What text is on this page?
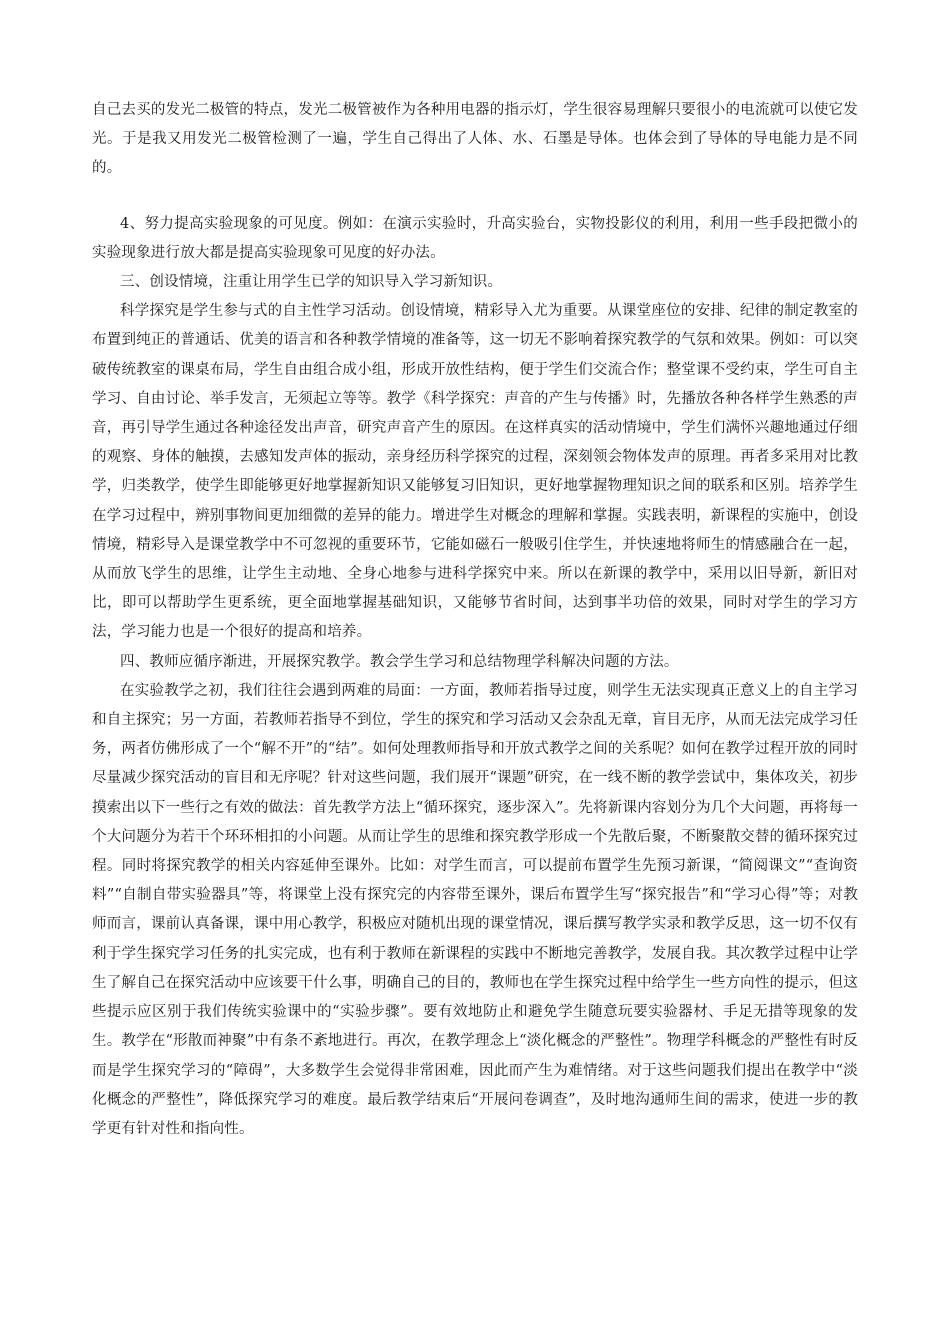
自己去买的发光二极管的特点，发光二极管被作为各种用电器的指示灯，学生很容易理解只要很小的电流就可以使它发光。于是我又用发光二极管检测了一遍，学生自己得出了人体、水、石墨是导体。也体会到了导体的导电能力是不同的。

4、努力提高实验现象的可见度。例如：在演示实验时，升高实验台，实物投影仪的利用，利用一些手段把微小的实验现象进行放大都是提高实验现象可见度的好办法。

三、创设情境，注重让用学生已学的知识导入学习新知识。

科学探究是学生参与式的自主性学习活动。创设情境，精彩导入尤为重要。从课堂座位的安排、纪律的制定教室的布置到纯正的普通话、优美的语言和各种教学情境的准备等，这一切无不影响着探究教学的气氛和效果。例如：可以突破传统教室的课桌布局，学生自由组合成小组，形成开放性结构，便于学生们交流合作；整堂课不受约束，学生可自主学习、自由讨论、举手发言，无须起立等等。教学《科学探究：声音的产生与传播》时，先播放各种各样学生熟悉的声音，再引导学生通过各种途径发出声音，研究声音产生的原因。在这样真实的活动情境中，学生们满怀兴趣地通过仔细的观察、身体的触摸，去感知发声体的振动，亲身经历科学探究的过程，深刻领会物体发声的原理。再者多采用对比教学，归类教学，使学生即能够更好地掌握新知识又能够复习旧知识，更好地掌握物理知识之间的联系和区别。培养学生在学习过程中，辨别事物间更加细微的差异的能力。增进学生对概念的理解和掌握。实践表明，新课程的实施中，创设情境，精彩导入是课堂教学中不可忽视的重要环节，它能如磁石一般吸引住学生，并快速地将师生的情感融合在一起，从而放飞学生的思维，让学生主动地、全身心地参与进科学探究中来。所以在新课的教学中，采用以旧导新，新旧对比，即可以帮助学生更系统，更全面地掌握基础知识，又能够节省时间，达到事半功倍的效果，同时对学生的学习方法，学习能力也是一个很好的提高和培养。

四、教师应循序渐进，开展探究教学。教会学生学习和总结物理学科解决问题的方法。

在实验教学之初，我们往往会遇到两难的局面：一方面，教师若指导过度，则学生无法实现真正意义上的自主学习和自主探究；另一方面，若教师若指导不到位，学生的探究和学习活动又会杂乱无章，盲目无序，从而无法完成学习任务，两者仿佛形成了一个“解不开”的“结”。如何处理教师指导和开放式教学之间的关系呢？如何在教学过程开放的同时尽量减少探究活动的盲目和无序呢？针对这些问题，我们展开“课题”研究，在一线不断的教学尝试中，集体攻关，初步摸索出以下一些行之有效的做法：首先教学方法上“循环探究，逐步深入”。先将新课内容划分为几个大问题，再将每一个大问题分为若干个环环相扣的小问题。从而让学生的思维和探究教学形成一个先散后聚，不断聚散交替的循环探究过程。同时将探究教学的相关内容延伸至课外。比如：对学生而言，可以提前布置学生先预习新课，“简阅课文”“查询资料”“自制自带实验器具”等，将课堂上没有探究完的内容带至课外，课后布置学生写“探究报告”和“学习心得”等；对教师而言，课前认真备课，课中用心教学，积极应对随机出现的课堂情况，课后撰写教学实录和教学反思，这一切不仅有利于学生探究学习任务的扎实完成，也有利于教师在新课程的实践中不断地完善教学，发展自我。其次教学过程中让学生了解自己在探究活动中应该要干什么事，明确自己的目的，教师也在学生探究过程中给学生一些方向性的提示，但这些提示应区别于我们传统实验课中的“实验步骤”。要有效地防止和避免学生随意玩要实验器材、手足无措等现象的发生。教学在“形散而神聚”中有条不紊地进行。再次，在教学理念上“淡化概念的严整性”。物理学科概念的严整性有时反而是学生探究学习的“障碍”，大多数学生会觉得非常困难，因此而产生为难情绪。对于这些问题我们提出在教学中“淡化概念的严整性”，降低探究学习的难度。最后教学结束后“开展问卷调查”，及时地沟通师生间的需求，使进一步的教学更有针对性和指向性。
